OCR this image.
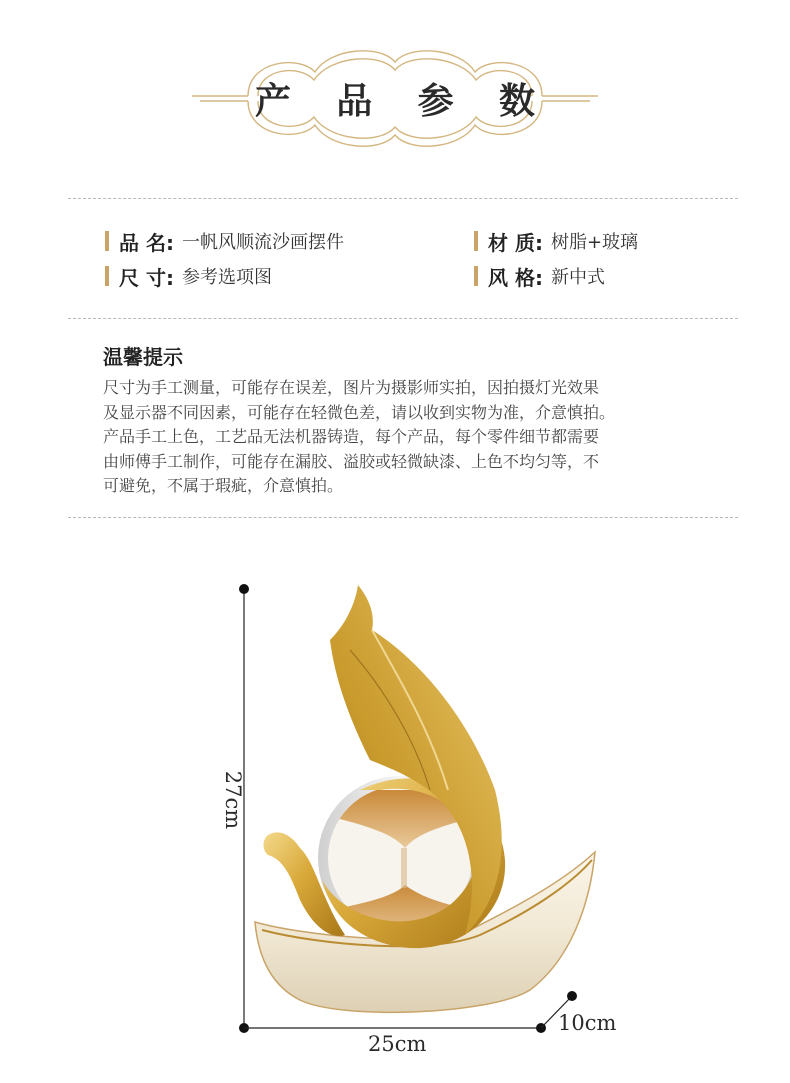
产 品 参 数
品 名: 一帆风顺流沙画摆件	材 质: 树脂+玻璃
尺 寸: 参考选项图	风 格: 新中式
温馨提示

尺寸为手工测量，可能存在误差，图片为摄影师实拍，因拍摄灯光效果

及显示器不同因素，可能存在轻微色差，请以收到实物为准，介意慎拍。

产品手工上色，工艺品无法机器铸造，每个产品，每个零件细节都需要

由师傅手工制作，可能存在漏胶、溢胶或轻微缺漆、上色不均匀等，不

可避免，不属于瑕疵，介意慎拍。

27cm
25cm
10cm
